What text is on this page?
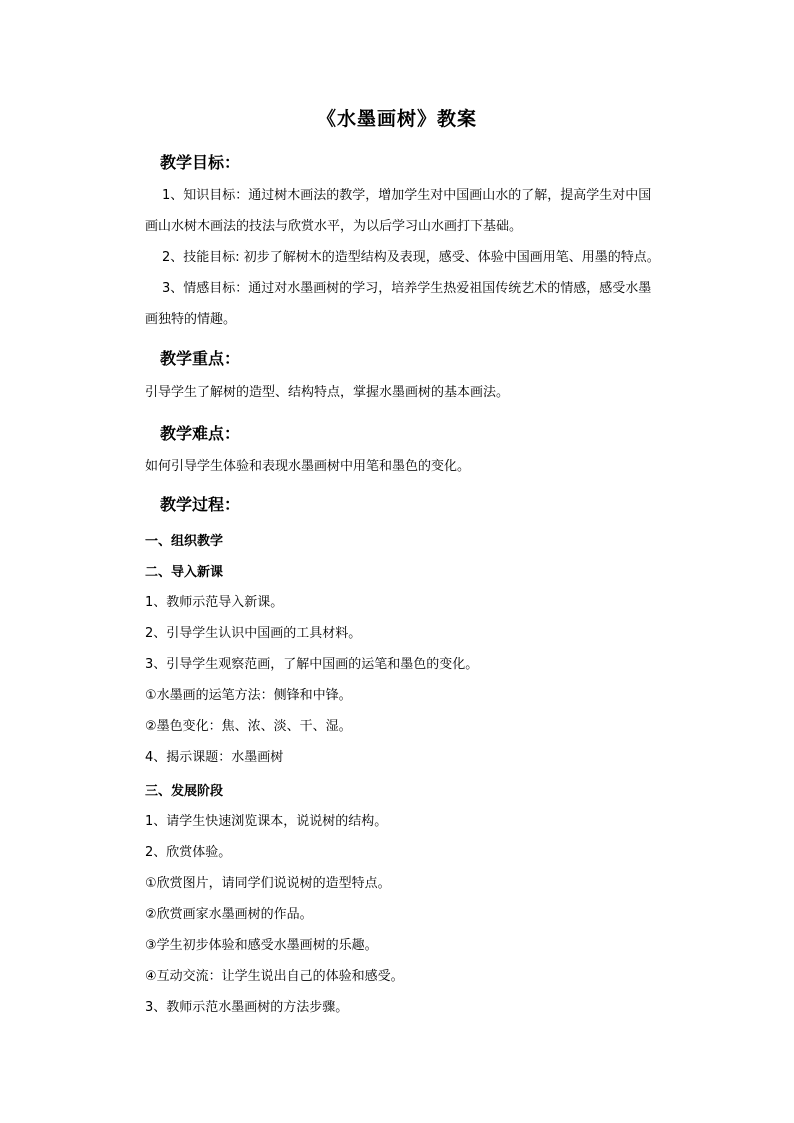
《水墨画树》教案
教学目标：
1、知识目标：通过树木画法的教学，增加学生对中国画山水的了解，提高学生对中国
画山水树木画法的技法与欣赏水平，为以后学习山水画打下基础。
2、技能目标: 初步了解树木的造型结构及表现，感受、体验中国画用笔、用墨的特点。
3、情感目标：通过对水墨画树的学习，培养学生热爱祖国传统艺术的情感，感受水墨
画独特的情趣。
教学重点：
引导学生了解树的造型、结构特点，掌握水墨画树的基本画法。
教学难点：
如何引导学生体验和表现水墨画树中用笔和墨色的变化。
教学过程：
一、组织教学
二、导入新课
1、教师示范导入新课。
2、引导学生认识中国画的工具材料。
3、引导学生观察范画，了解中国画的运笔和墨色的变化。
①水墨画的运笔方法：侧锋和中锋。
②墨色变化：焦、浓、淡、干、湿。
4、揭示课题：水墨画树
三、发展阶段
1、请学生快速浏览课本，说说树的结构。
2、欣赏体验。
①欣赏图片，请同学们说说树的造型特点。
②欣赏画家水墨画树的作品。
③学生初步体验和感受水墨画树的乐趣。
④互动交流：让学生说出自己的体验和感受。
3、教师示范水墨画树的方法步骤。
